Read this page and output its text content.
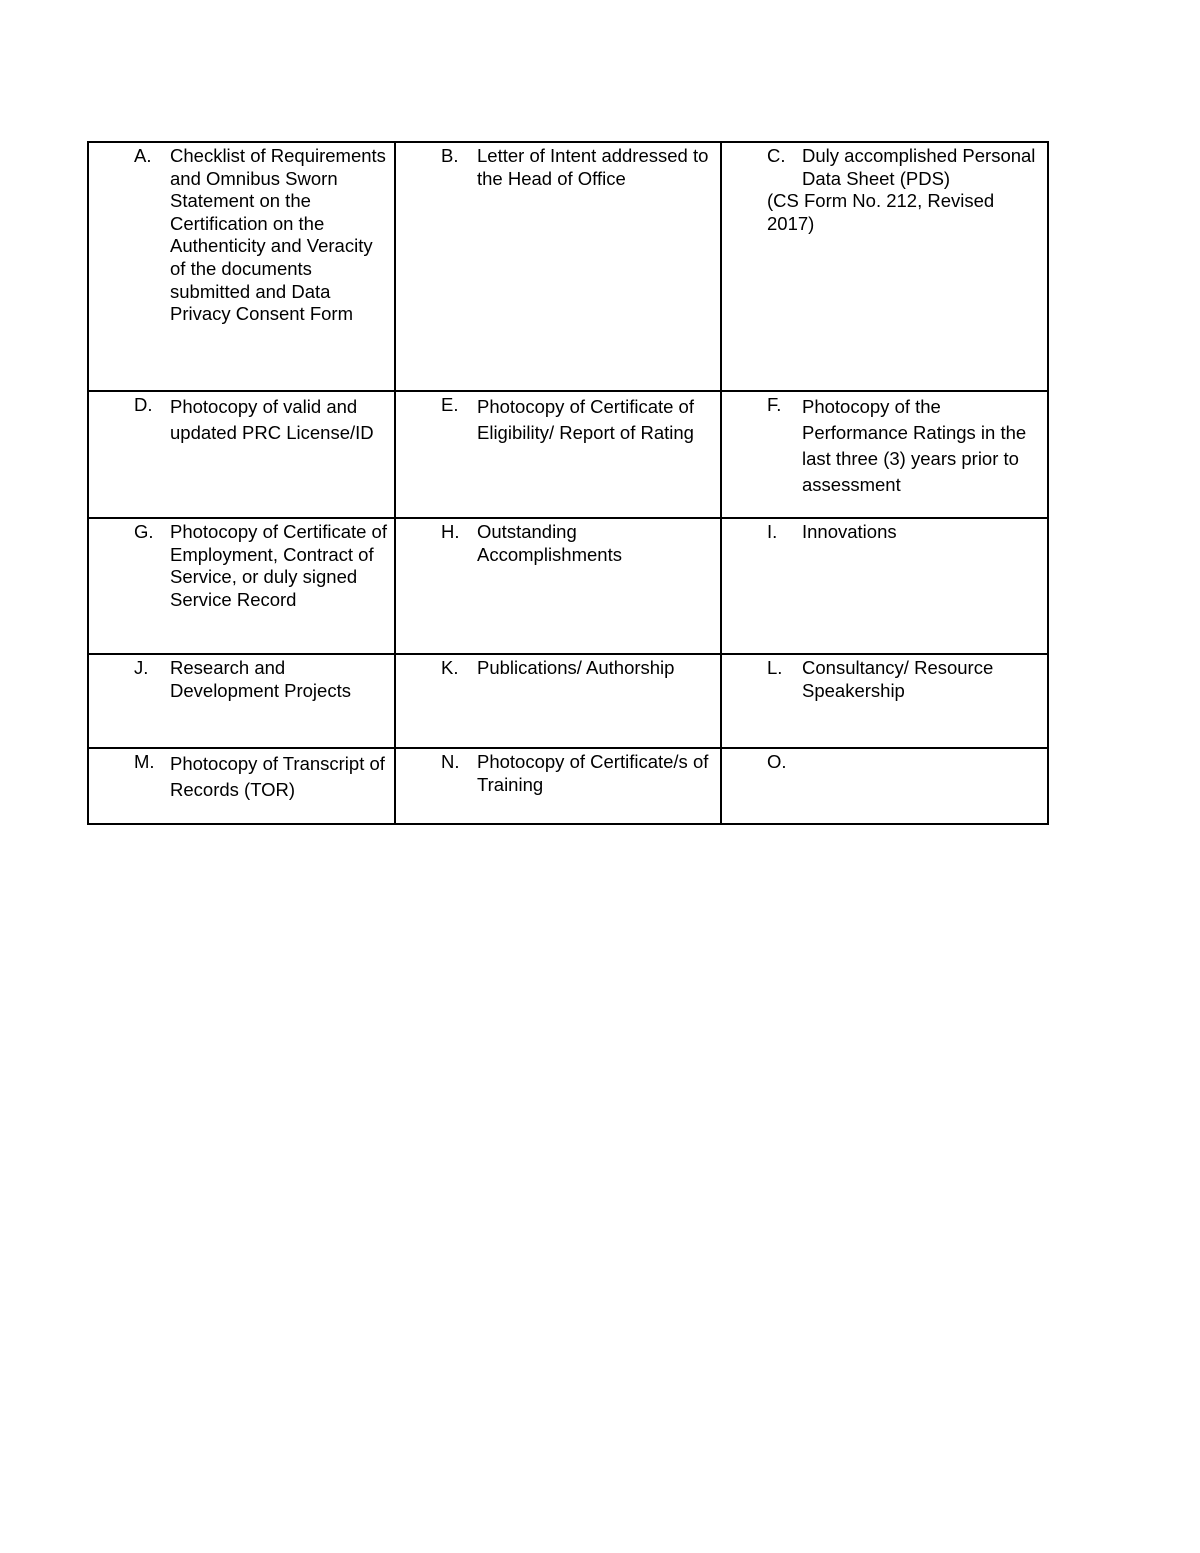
A. Checklist of Requirements and Omnibus Sworn Statement on the Certification on the Authenticity and Veracity of the documents submitted and Data Privacy Consent Form	B. Letter of Intent addressed to the Head of Office	C. Duly accomplished Personal Data Sheet (PDS)
(CS Form No. 212, Revised 2017)

D. Photocopy of valid and updated PRC License/ID	E. Photocopy of Certificate of Eligibility/ Report of Rating	F. Photocopy of the Performance Ratings in the last three (3) years prior to assessment

G. Photocopy of Certificate of Employment, Contract of Service, or duly signed Service Record	H. Outstanding Accomplishments	I. Innovations

J. Research and Development Projects	K. Publications/ Authorship	L. Consultancy/ Resource Speakership

M. Photocopy of Transcript of Records (TOR)	N. Photocopy of Certificate/s of Training	O.
